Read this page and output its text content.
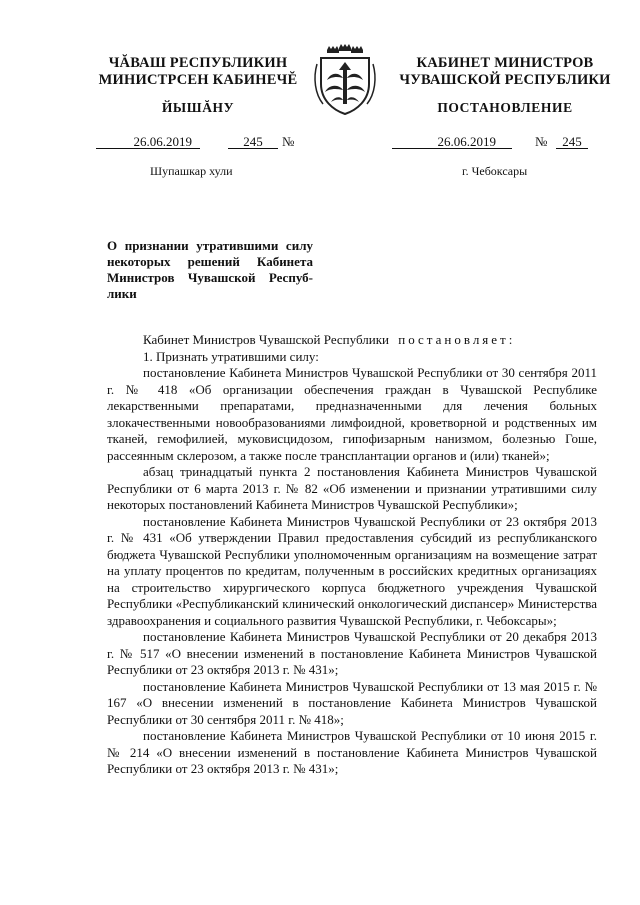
ЧĂВАШ РЕСПУБЛИКИН
МИНИСТРСЕН КАБИНЕЧĔ
ЙЫШĂНУ
КАБИНЕТ МИНИСТРОВ
ЧУВАШСКОЙ РЕСПУБЛИКИ
ПОСТАНОВЛЕНИЕ
26.06.2019	245	№	26.06.2019	№	245
Шупашкар хули	г. Чебоксары
О признании утратившими силу некоторых решений Кабинета Министров Чувашской Республики

Кабинет Министров Чувашской Республики постановляет:

1. Признать утратившими силу:

постановление Кабинета Министров Чувашской Республики от 30 сентября 2011 г. № 418 «Об организации обеспечения граждан в Чувашской Республике лекарственными препаратами, предназначенными для лечения больных злокачественными новообразованиями лимфоидной, кроветворной и родственных им тканей, гемофилией, муковисцидозом, гипофизарным нанизмом, болезнью Гоше, рассеянным склерозом, а также после трансплантации органов и (или) тканей»;

абзац тринадцатый пункта 2 постановления Кабинета Министров Чувашской Республики от 6 марта 2013 г. № 82 «Об изменении и признании утратившими силу некоторых постановлений Кабинета Министров Чувашской Республики»;

постановление Кабинета Министров Чувашской Республики от 23 октября 2013 г. № 431 «Об утверждении Правил предоставления субсидий из республиканского бюджета Чувашской Республики уполномоченным организациям на возмещение затрат на уплату процентов по кредитам, полученным в российских кредитных организациях на строительство хирургического корпуса бюджетного учреждения Чувашской Республики «Республиканский клинический онкологический диспансер» Министерства здравоохранения и социального развития Чувашской Республики, г. Чебоксары»;

постановление Кабинета Министров Чувашской Республики от 20 декабря 2013 г. № 517 «О внесении изменений в постановление Кабинета Министров Чувашской Республики от 23 октября 2013 г. № 431»;

постановление Кабинета Министров Чувашской Республики от 13 мая 2015 г. № 167 «О внесении изменений в постановление Кабинета Министров Чувашской Республики от 30 сентября 2011 г. № 418»;

постановление Кабинета Министров Чувашской Республики от 10 июня 2015 г. № 214 «О внесении изменений в постановление Кабинета Министров Чувашской Республики от 23 октября 2013 г. № 431»;
